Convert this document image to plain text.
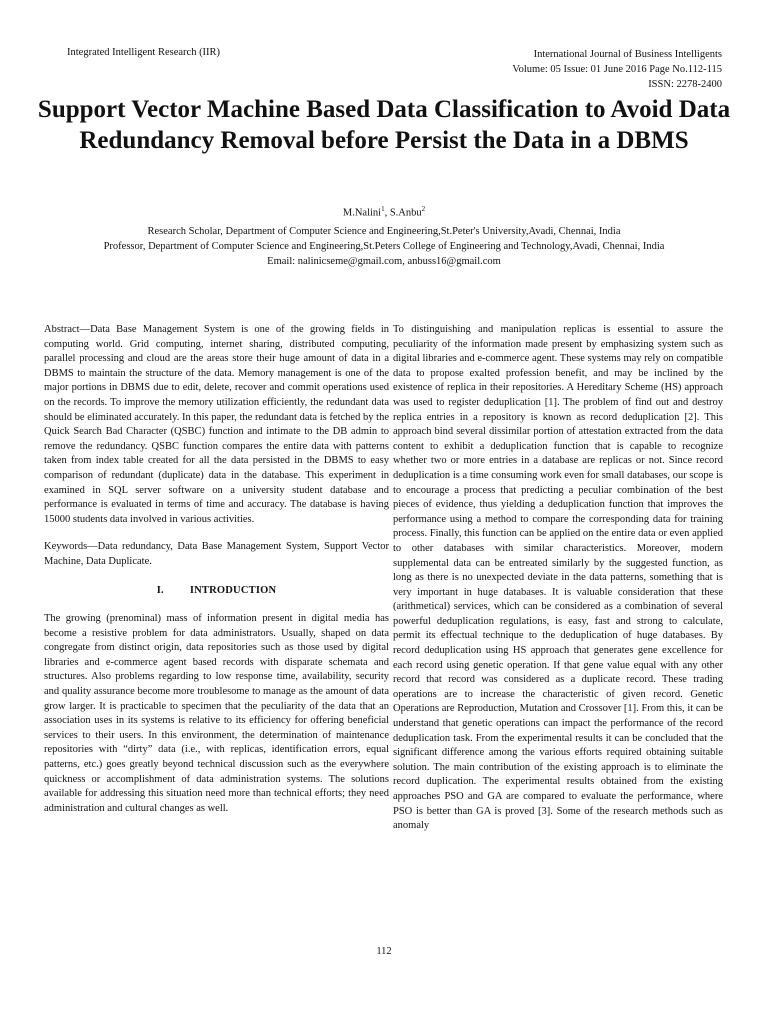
Integrated Intelligent Research (IIR)	International Journal of Business Intelligents
Volume: 05 Issue: 01 June 2016 Page No.112-115
ISSN: 2278-2400
Support Vector Machine Based Data Classification to Avoid Data Redundancy Removal before Persist the Data in a DBMS
M.Nalini$^1$, S.Anbu$^2$
Research Scholar, Department of Computer Science and Engineering,St.Peter's University,Avadi, Chennai, India
Professor, Department of Computer Science and Engineering,St.Peters College of Engineering and Technology,Avadi, Chennai, India
Email: nalinicseme@gmail.com, anbuss16@gmail.com

Abstract—Data Base Management System is one of the growing fields in computing world. Grid computing, internet sharing, distributed computing, parallel processing and cloud are the areas store their huge amount of data in a DBMS to maintain the structure of the data. Memory management is one of the major portions in DBMS due to edit, delete, recover and commit operations used on the records. To improve the memory utilization efficiently, the redundant data should be eliminated accurately. In this paper, the redundant data is fetched by the Quick Search Bad Character (QSBC) function and intimate to the DB admin to remove the redundancy. QSBC function compares the entire data with patterns taken from index table created for all the data persisted in the DBMS to easy comparison of redundant (duplicate) data in the database. This experiment in examined in SQL server software on a university student database and performance is evaluated in terms of time and accuracy. The database is having 15000 students data involved in various activities.

Keywords—Data redundancy, Data Base Management System, Support Vector Machine, Data Duplicate.

I. INTRODUCTION

The growing (prenominal) mass of information present in digital media has become a resistive problem for data administrators. Usually, shaped on data congregate from distinct origin, data repositories such as those used by digital libraries and e-commerce agent based records with disparate schemata and structures. Also problems regarding to low response time, availability, security and quality assurance become more troublesome to manage as the amount of data grow larger. It is practicable to specimen that the peculiarity of the data that an association uses in its systems is relative to its efficiency for offering beneficial services to their users. In this environment, the determination of maintenance repositories with “dirty” data (i.e., with replicas, identification errors, equal patterns, etc.) goes greatly beyond technical discussion such as the everywhere quickness or accomplishment of data administration systems. The solutions available for addressing this situation need more than technical efforts; they need administration and cultural changes as well.

To distinguishing and manipulation replicas is essential to assure the peculiarity of the information made present by emphasizing system such as digital libraries and e-commerce agent. These systems may rely on compatible data to propose exalted profession benefit, and may be inclined by the existence of replica in their repositories. A Hereditary Scheme (HS) approach was used to register deduplication [1]. The problem of find out and destroy replica entries in a repository is known as record deduplication [2]. This approach bind several dissimilar portion of attestation extracted from the data content to exhibit a deduplication function that is capable to recognize whether two or more entries in a database are replicas or not. Since record deduplication is a time consuming work even for small databases, our scope is to encourage a process that predicting a peculiar combination of the best pieces of evidence, thus yielding a deduplication function that improves the performance using a method to compare the corresponding data for training process. Finally, this function can be applied on the entire data or even applied to other databases with similar characteristics. Moreover, modern supplemental data can be entreated similarly by the suggested function, as long as there is no unexpected deviate in the data patterns, something that is very important in huge databases. It is valuable consideration that these (arithmetical) services, which can be considered as a combination of several powerful deduplication regulations, is easy, fast and strong to calculate, permit its effectual technique to the deduplication of huge databases. By record deduplication using HS approach that generates gene excellence for each record using genetic operation. If that gene value equal with any other record that record was considered as a duplicate record. These trading operations are to increase the characteristic of given record. Genetic Operations are Reproduction, Mutation and Crossover [1]. From this, it can be understand that genetic operations can impact the performance of the record deduplication task. From the experimental results it can be concluded that the significant difference among the various efforts required obtaining suitable solution. The main contribution of the existing approach is to eliminate the record duplication. The experimental results obtained from the existing approaches PSO and GA are compared to evaluate the performance, where PSO is better than GA is proved [3]. Some of the research methods such as anomaly

112
